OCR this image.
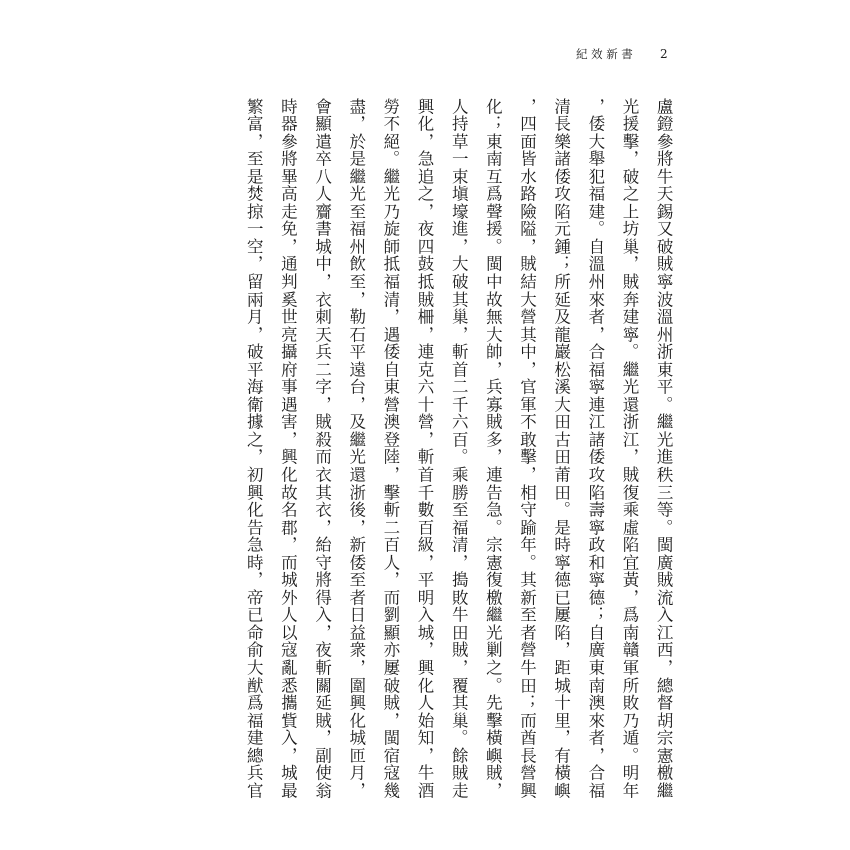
紀效新書 2
盧
鐙
參
將
牛
天
錫
又
破
賊
寧
波
溫
州
浙
東
平
。
繼
光
進
秩
三
等
。
閩
廣
賊
流
入
江
西
，
總
督
胡
宗
憲
檄
繼
光
援
擊
，
破
之
上
坊
巢
，
賊
奔
建
寧
。
繼
光
還
浙
江
，
賊
復
乘
虛
陷
宜
黃
，
爲
南
贛
軍
所
敗
乃
遁
。
明
年
，
倭
大
舉
犯
福
建
。
自
溫
州
來
者
，
合
福
寧
連
江
諸
倭
攻
陷
壽
寧
政
和
寧
德
；
自
廣
東
南
澳
來
者
，
合
福
清
長
樂
諸
倭
攻
陷
元
鍾
；
所
延
及
龍
巖
松
溪
大
田
古
田
莆
田
。
是
時
寧
德
已
屢
陷
，
距
城
十
里
，
有
橫
嶼
，
四
面
皆
水
路
險
隘
，
賊
結
大
營
其
中
，
官
軍
不
敢
擊
，
相
守
踰
年
。
其
新
至
者
營
牛
田
；
而
酋
長
營
興
化
；
東
南
互
爲
聲
援
。
閩
中
故
無
大
帥
，
兵
寡
賊
多
，
連
告
急
。
宗
憲
復
檄
繼
光
剿
之
。
先
擊
橫
嶼
賊
，
人
持
草
一
束
塡
壕
進
，
大
破
其
巢
，
斬
首
二
千
六
百
。
乘
勝
至
福
清
，
搗
敗
牛
田
賊
，
覆
其
巢
。
餘
賊
走
興
化
，
急
追
之
，
夜
四
鼓
抵
賊
柵
，
連
克
六
十
營
，
斬
首
千
數
百
級
，
平
明
入
城
，
興
化
人
始
知
，
牛
酒
勞
不
絕
。
繼
光
乃
旋
師
抵
福
清
，
遇
倭
自
東
營
澳
登
陸
，
擊
斬
二
百
人
，
而
劉
顯
亦
屢
破
賊
，
閩
宿
寇
幾
盡
，
於
是
繼
光
至
福
州
飲
至
，
勒
石
平
遠
台
，
及
繼
光
還
浙
後
，
新
倭
至
者
日
益
衆
，
圍
興
化
城
匝
月
，
會
顯
遣
卒
八
人
齎
書
城
中
，
衣
刺
天
兵
二
字
，
賊
殺
而
衣
其
衣
，
紿
守
將
得
入
，
夜
斬
關
延
賊
，
副
使
翁
時
器
參
將
畢
高
走
免
，
通
判
奚
世
亮
攝
府
事
遇
害
，
興
化
故
名
郡
，
而
城
外
人
以
寇
亂
悉
攜
貲
入
，
城
最
繁
富
，
至
是
焚
掠
一
空
，
留
兩
月
，
破
平
海
衛
據
之
，
初
興
化
告
急
時
，
帝
已
命
俞
大
猷
爲
福
建
總
兵
官
